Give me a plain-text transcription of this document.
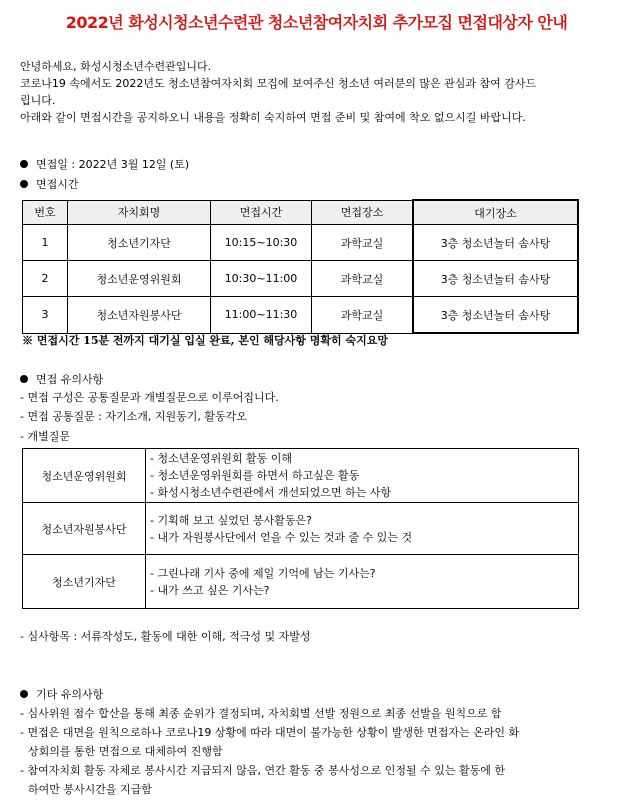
2022년 화성시청소년수련관 청소년참여자치회 추가모집 면접대상자 안내
안녕하세요, 화성시청소년수련관입니다.
코로나19 속에서도 2022년도 청소년참여자치회 모집에 보여주신 청소년 여러분의 많은 관심과 참여 감사드
립니다.
아래와 같이 면접시간을 공지하오니 내용을 정확히 숙지하여 면접 준비 및 참여에 착오 없으시길 바랍니다.
면접일 : 2022년 3월 12일 (토)
면접시간
번호	자치회명	면접시간	면접장소	대기장소
1	청소년기자단	10:15~10:30	과학교실	3층 청소년놀터 솜사탕
2	청소년운영위원회	10:30~11:00	과학교실	3층 청소년놀터 솜사탕
3	청소년자원봉사단	11:00~11:30	과학교실	3층 청소년놀터 솜사탕
※ 면접시간 15분 전까지 대기실 입실 완료, 본인 해당사항 명확히 숙지요망
면접 유의사항
- 면접 구성은 공통질문과 개별질문으로 이루어집니다.
- 면접 공통질문 : 자기소개, 지원동기, 활동각오
- 개별질문
청소년운영위원회	- 청소년운영위원회 활동 이해
- 청소년운영위원회를 하면서 하고싶은 활동
- 화성시청소년수련관에서 개선되었으면 하는 사항

청소년자원봉사단	- 기획해 보고 싶었던 봉사활동은?
- 내가 자원봉사단에서 얻을 수 있는 것과 줄 수 있는 것

청소년기자단	- 그린나래 기사 중에 제일 기억에 남는 기사는?
- 내가 쓰고 싶은 기사는?
- 심사항목 : 서류작성도, 활동에 대한 이해, 적극성 및 자발성
기타 유의사항
- 심사위원 점수 합산을 통해 최종 순위가 결정되며, 자치회별 선발 정원으로 최종 선발을 원칙으로 함
- 면접은 대면을 원칙으로하나 코로나19 상황에 따라 대면이 불가능한 상황이 발생한 면접자는 온라인 화
상회의를 통한 면접으로 대체하여 진행함
- 참여자치회 활동 자체로 봉사시간 지급되지 않음, 연간 활동 중 봉사성으로 인정될 수 있는 활동에 한
하여만 봉사시간을 지급함
